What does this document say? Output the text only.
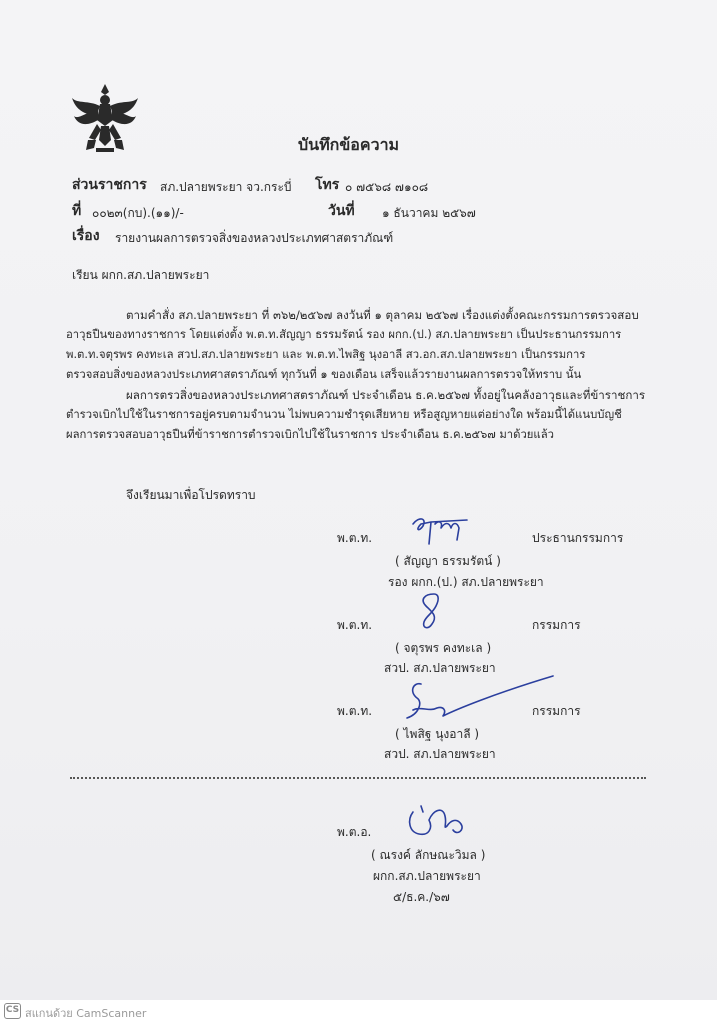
บันทึกข้อความ
ส่วนราชการ สภ.ปลายพระยา จว.กระบี่ โทร ๐ ๗๕๖๘ ๗๑๐๘
ที่ ๐๐๒๓(กบ).(๑๑)/-	วันที่ ๑ ธันวาคม ๒๕๖๗
เรื่อง รายงานผลการตรวจสิ่งของหลวงประเภทศาสตราภัณฑ์
เรียน ผกก.สภ.ปลายพระยา
ตามคำสั่ง สภ.ปลายพระยา ที่ ๓๖๒/๒๕๖๗ ลงวันที่ ๑ ตุลาคม ๒๕๖๗ เรื่องแต่งตั้งคณะกรรมการตรวจสอบ
อาวุธปืนของทางราชการ โดยแต่งตั้ง พ.ต.ท.สัญญา ธรรมรัตน์ รอง ผกก.(ป.) สภ.ปลายพระยา เป็นประธานกรรมการ
พ.ต.ท.จตุรพร คงทะเล สวป.สภ.ปลายพระยา และ พ.ต.ท.ไพสิฐ นุงอาลี สว.อก.สภ.ปลายพระยา เป็นกรรมการ
ตรวจสอบสิ่งของหลวงประเภทศาสตราภัณฑ์ ทุกวันที่ ๑ ของเดือน เสร็จแล้วรายงานผลการตรวจให้ทราบ นั้น
ผลการตรวสิ่งของหลวงประเภทศาสตราภัณฑ์ ประจำเดือน ธ.ค.๒๕๖๗ ทั้งอยู่ในคลังอาวุธและที่ข้าราชการ
ตำรวจเบิกไปใช้ในราชการอยู่ครบตามจำนวน ไม่พบความชำรุดเสียหาย หรือสูญหายแต่อย่างใด พร้อมนี้ได้แนบบัญชี
ผลการตรวจสอบอาวุธปืนที่ข้าราชการตำรวจเบิกไปใช้ในราชการ ประจำเดือน ธ.ค.๒๕๖๗ มาด้วยแล้ว
จึงเรียนมาเพื่อโปรดทราบ
พ.ต.ท.	ประธานกรรมการ
( สัญญา ธรรมรัตน์ )
รอง ผกก.(ป.) สภ.ปลายพระยา
พ.ต.ท.	กรรมการ
( จตุรพร คงทะเล )
สวป. สภ.ปลายพระยา
พ.ต.ท.	กรรมการ
( ไพสิฐ นุงอาลี )
สวป. สภ.ปลายพระยา
พ.ต.อ.
( ณรงค์ ลักษณะวิมล )
ผกก.สภ.ปลายพระยา
๕/ธ.ค./๖๗
CS สแกนด้วย CamScanner
